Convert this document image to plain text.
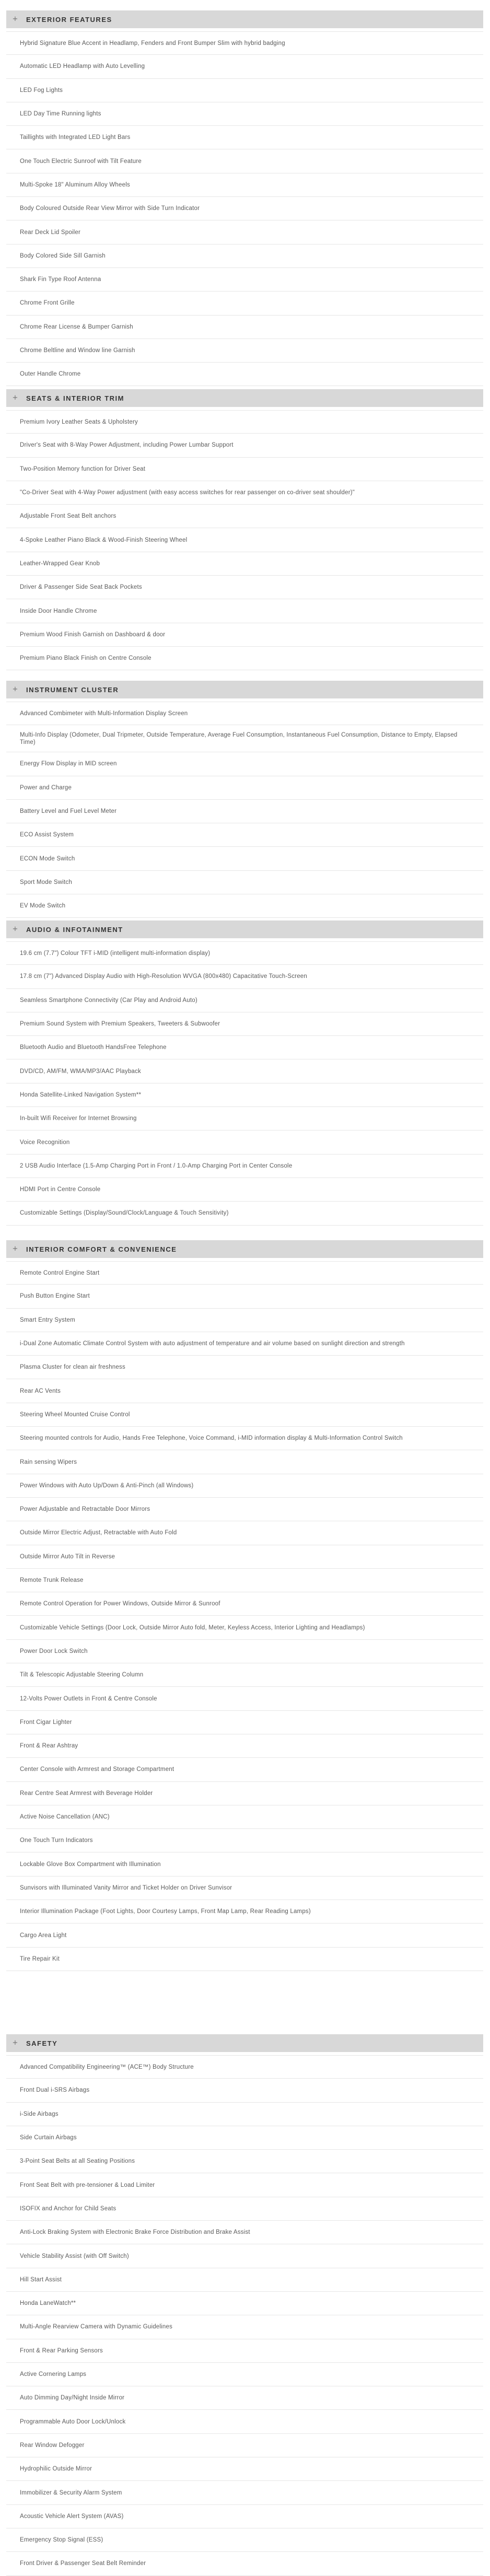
+ EXTERIOR FEATURES
Hybrid Signature Blue Accent in Headlamp, Fenders and Front Bumper Slim with hybrid badging
Automatic LED Headlamp with Auto Levelling
LED Fog Lights
LED Day Time Running lights
Taillights with Integrated LED Light Bars
One Touch Electric Sunroof with Tilt Feature
Multi-Spoke 18" Aluminum Alloy Wheels
Body Coloured Outside Rear View Mirror with Side Turn Indicator
Rear Deck Lid Spoiler
Body Colored Side Sill Garnish
Shark Fin Type Roof Antenna
Chrome Front Grille
Chrome Rear License & Bumper Garnish
Chrome Beltline and Window line Garnish
Outer Handle Chrome
+ SEATS & INTERIOR TRIM
Premium Ivory Leather Seats & Upholstery
Driver's Seat with 8-Way Power Adjustment, including Power Lumbar Support
Two-Position Memory function for Driver Seat
"Co-Driver Seat with 4-Way Power adjustment (with easy access switches for rear passenger on co-driver seat shoulder)"
Adjustable Front Seat Belt anchors
4-Spoke Leather Piano Black & Wood-Finish Steering Wheel
Leather-Wrapped Gear Knob
Driver & Passenger Side Seat Back Pockets
Inside Door Handle Chrome
Premium Wood Finish Garnish on Dashboard & door
Premium Piano Black Finish on Centre Console
+ INSTRUMENT CLUSTER
Advanced Combimeter with Multi-Information Display Screen
Multi-Info Display (Odometer, Dual Tripmeter, Outside Temperature, Average Fuel Consumption, Instantaneous Fuel Consumption, Distance to Empty, Elapsed Time)
Energy Flow Display in MID screen
Power and Charge
Battery Level and Fuel Level Meter
ECO Assist System
ECON Mode Switch
Sport Mode Switch
EV Mode Switch
+ AUDIO & INFOTAINMENT
19.6 cm (7.7") Colour TFT i-MID (intelligent multi-information display)
17.8 cm (7") Advanced Display Audio with High-Resolution WVGA (800x480) Capacitative Touch-Screen
Seamless Smartphone Connectivity (Car Play and Android Auto)
Premium Sound System with Premium Speakers, Tweeters & Subwoofer
Bluetooth Audio and Bluetooth HandsFree Telephone
DVD/CD, AM/FM, WMA/MP3/AAC Playback
Honda Satellite-Linked Navigation System**
In-built Wifi Receiver for Internet Browsing
Voice Recognition
2 USB Audio Interface (1.5-Amp Charging Port in Front / 1.0-Amp Charging Port in Center Console
HDMI Port in Centre Console
Customizable Settings (Display/Sound/Clock/Language & Touch Sensitivity)
+ INTERIOR COMFORT & CONVENIENCE
Remote Control Engine Start
Push Button Engine Start
Smart Entry System
i-Dual Zone Automatic Climate Control System with auto adjustment of temperature and air volume based on sunlight direction and strength
Plasma Cluster for clean air freshness
Rear AC Vents
Steering Wheel Mounted Cruise Control
Steering mounted controls for Audio, Hands Free Telephone, Voice Command, i-MID information display & Multi-Information Control Switch
Rain sensing Wipers
Power Windows with Auto Up/Down & Anti-Pinch (all Windows)
Power Adjustable and Retractable Door Mirrors
Outside Mirror Electric Adjust, Retractable with Auto Fold
Outside Mirror Auto Tilt in Reverse
Remote Trunk Release
Remote Control Operation for Power Windows, Outside Mirror & Sunroof
Customizable Vehicle Settings (Door Lock, Outside Mirror Auto fold, Meter, Keyless Access, Interior Lighting and Headlamps)
Power Door Lock Switch
Tilt & Telescopic Adjustable Steering Column
12-Volts Power Outlets in Front & Centre Console
Front Cigar Lighter
Front & Rear Ashtray
Center Console with Armrest and Storage Compartment
Rear Centre Seat Armrest with Beverage Holder
Active Noise Cancellation (ANC)
One Touch Turn Indicators
Lockable Glove Box Compartment with Illumination
Sunvisors with Illuminated Vanity Mirror and Ticket Holder on Driver Sunvisor
Interior Illumination Package (Foot Lights, Door Courtesy Lamps, Front Map Lamp, Rear Reading Lamps)
Cargo Area Light
Tire Repair Kit
+ SAFETY
Advanced Compatibility Engineering™ (ACE™) Body Structure
Front Dual i-SRS Airbags
i-Side Airbags
Side Curtain Airbags
3-Point Seat Belts at all Seating Positions
Front Seat Belt with pre-tensioner & Load Limiter
ISOFIX and Anchor for Child Seats
Anti-Lock Braking System with Electronic Brake Force Distribution and Brake Assist
Vehicle Stability Assist (with Off Switch)
Hill Start Assist
Honda LaneWatch**
Multi-Angle Rearview Camera with Dynamic Guidelines
Front & Rear Parking Sensors
Active Cornering Lamps
Auto Dimming Day/Night Inside Mirror
Programmable Auto Door Lock/Unlock
Rear Window Defogger
Hydrophilic Outside Mirror
Immobilizer & Security Alarm System
Acoustic Vehicle Alert System (AVAS)
Emergency Stop Signal (ESS)
Front Driver & Passenger Seat Belt Reminder
